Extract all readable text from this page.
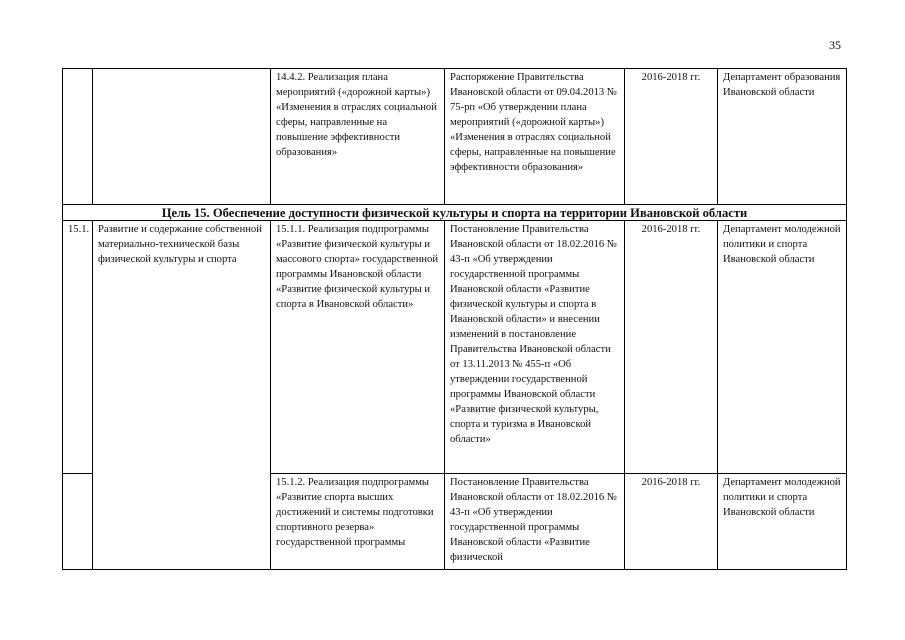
35
		14.4.2. Реализация плана мероприятий («дорожной карты») «Изменения в отраслях социальной сферы, направленные на повышение эффективности образования»	Распоряжение Правительства Ивановской области от 09.04.2013 № 75-рп «Об утверждении плана мероприятий («дорожной карты») «Изменения в отраслях социальной сферы, направленные на повышение эффективности образования»	2016-2018 гг.	Департамент образования Ивановской области
Цель 15. Обеспечение доступности физической культуры и спорта на территории Ивановской области					
15.1.	Развитие и содержание собственной материально-технической базы физической культуры и спорта	15.1.1. Реализация подпрограммы «Развитие физической культуры и массового спорта» государственной программы Ивановской области «Развитие физической культуры и спорта в Ивановской области»	Постановление Правительства Ивановской области от 18.02.2016 № 43-п «Об утверждении государственной программы Ивановской области «Развитие физической культуры и спорта в Ивановской области» и внесении изменений в постановление Правительства Ивановской области от 13.11.2013 № 455-п «Об утверждении государственной программы Ивановской области «Развитие физической культуры, спорта и туризма в Ивановской области»	2016-2018 гг.	Департамент молодежной политики и спорта Ивановской области

		15.1.2. Реализация подпрограммы «Развитие спорта высших достижений и системы подготовки спортивного резерва» государственной программы	Постановление Правительства Ивановской области от 18.02.2016 № 43-п «Об утверждении государственной программы Ивановской области «Развитие физической	2016-2018 гг.	Департамент молодежной политики и спорта Ивановской области
